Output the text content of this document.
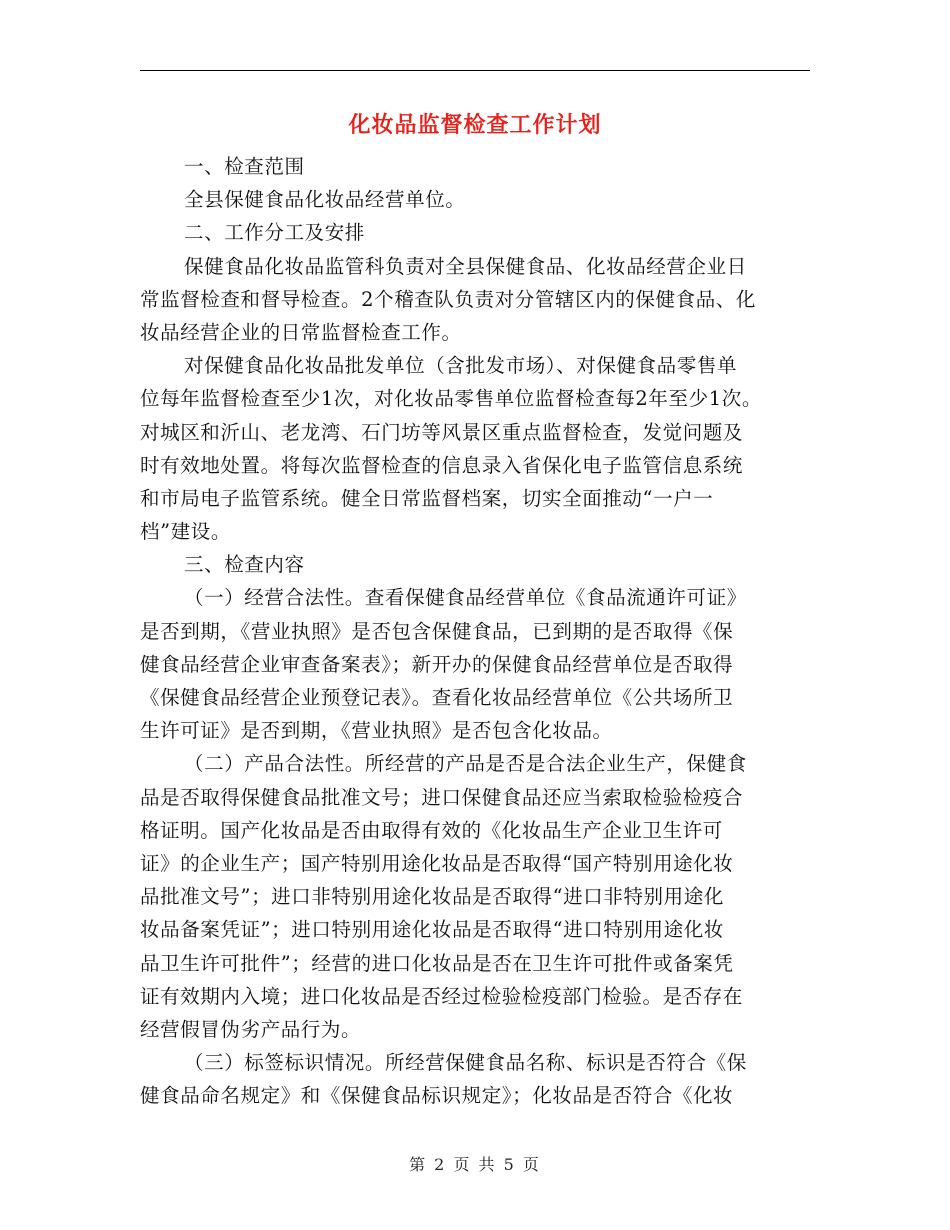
化妆品监督检查工作计划
一、检查范围
全县保健食品化妆品经营单位。
二、工作分工及安排
保健食品化妆品监管科负责对全县保健食品、化妆品经营企业日
常监督检查和督导检查。2个稽查队负责对分管辖区内的保健食品、化
妆品经营企业的日常监督检查工作。
对保健食品化妆品批发单位（含批发市场）、对保健食品零售单
位每年监督检查至少1次，对化妆品零售单位监督检查每2年至少1次。
对城区和沂山、老龙湾、石门坊等风景区重点监督检查，发觉问题及
时有效地处置。将每次监督检查的信息录入省保化电子监管信息系统
和市局电子监管系统。健全日常监督档案，切实全面推动“一户一
档”建设。
三、检查内容
（一）经营合法性。查看保健食品经营单位《食品流通许可证》
是否到期，《营业执照》是否包含保健食品，已到期的是否取得《保
健食品经营企业审查备案表》；新开办的保健食品经营单位是否取得
《保健食品经营企业预登记表》。查看化妆品经营单位《公共场所卫
生许可证》是否到期，《营业执照》是否包含化妆品。
（二）产品合法性。所经营的产品是否是合法企业生产，保健食
品是否取得保健食品批准文号；进口保健食品还应当索取检验检疫合
格证明。国产化妆品是否由取得有效的《化妆品生产企业卫生许可
证》的企业生产；国产特别用途化妆品是否取得“国产特别用途化妆
品批准文号”；进口非特别用途化妆品是否取得“进口非特别用途化
妆品备案凭证”；进口特别用途化妆品是否取得“进口特别用途化妆
品卫生许可批件”；经营的进口化妆品是否在卫生许可批件或备案凭
证有效期内入境；进口化妆品是否经过检验检疫部门检验。是否存在
经营假冒伪劣产品行为。
（三）标签标识情况。所经营保健食品名称、标识是否符合《保
健食品命名规定》和《保健食品标识规定》；化妆品是否符合《化妆
第 2 页 共 5 页
